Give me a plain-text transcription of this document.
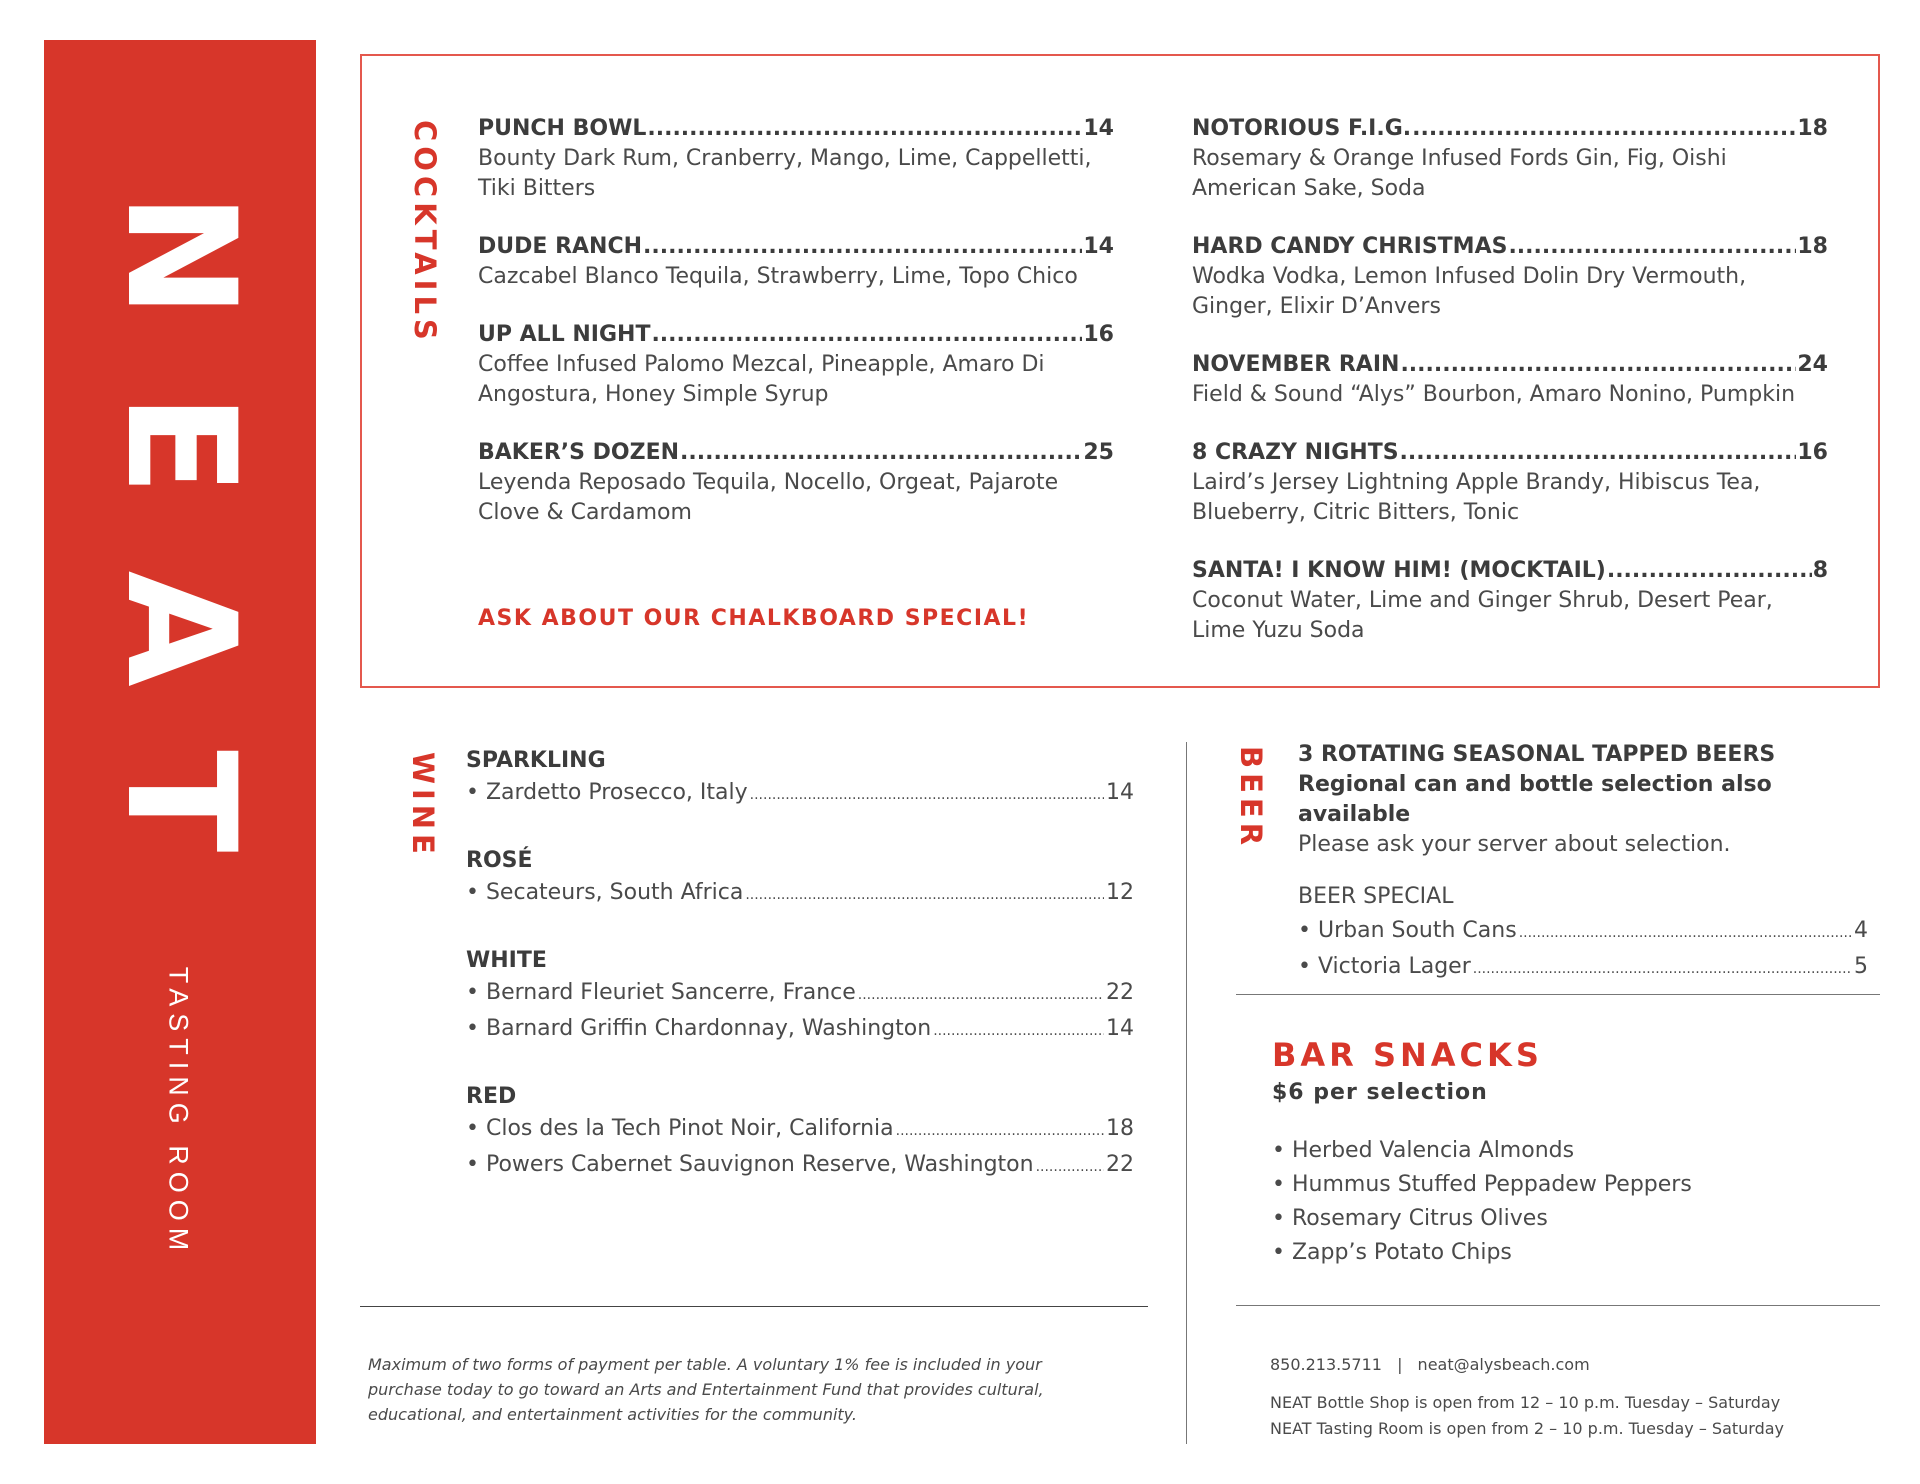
NEAT
TASTING ROOM
COCKTAILS PUNCH BOWL .....	14
Bounty Dark Rum, Cranberry, Mango, Lime, Cappelletti, Tiki Bitters
DUDE RANCH .....	14
Cazcabel Blanco Tequila, Strawberry, Lime, Topo Chico
UP ALL NIGHT .....	16
Coffee Infused Palomo Mezcal, Pineapple, Amaro Di Angostura, Honey Simple Syrup
BAKER’S DOZEN .....	25
Leyenda Reposado Tequila, Nocello, Orgeat, Pajarote Clove & Cardamom
ASK ABOUT OUR CHALKBOARD SPECIAL!
NOTORIOUS F.I.G. .....	18
Rosemary & Orange Infused Fords Gin, Fig, Oishi American Sake, Soda
HARD CANDY CHRISTMAS .....	18
Wodka Vodka, Lemon Infused Dolin Dry Vermouth, Ginger, Elixir D’Anvers
NOVEMBER RAIN .....	24
Field & Sound “Alys” Bourbon, Amaro Nonino, Pumpkin
8 CRAZY NIGHTS .....	16
Laird’s Jersey Lightning Apple Brandy, Hibiscus Tea, Blueberry, Citric Bitters, Tonic
SANTA! I KNOW HIM! (MOCKTAIL) .....	8
Coconut Water, Lime and Ginger Shrub, Desert Pear, Lime Yuzu Soda
WINE SPARKLING
• Zardetto Prosecco, Italy .....	14
ROSÉ
• Secateurs, South Africa .....	12
WHITE
• Bernard Fleuriet Sancerre, France .....	22
• Barnard Griffin Chardonnay, Washington .....	14
RED
• Clos des la Tech Pinot Noir, California .....	18
• Powers Cabernet Sauvignon Reserve, Washington .....	22
BEER 3 ROTATING SEASONAL TAPPED BEERS
Regional can and bottle selection also available
Please ask your server about selection.
BEER SPECIAL
• Urban South Cans .....	4
• Victoria Lager .....	5
BAR SNACKS
$6 per selection
• Herbed Valencia Almonds
• Hummus Stuffed Peppadew Peppers
• Rosemary Citrus Olives
• Zapp’s Potato Chips
Maximum of two forms of payment per table. A voluntary 1% fee is included in your purchase today to go toward an Arts and Entertainment Fund that provides cultural, educational, and entertainment activities for the community.
850.213.5711 | neat@alysbeach.com
NEAT Bottle Shop is open from 12 – 10 p.m. Tuesday – Saturday
NEAT Tasting Room is open from 2 – 10 p.m. Tuesday – Saturday
